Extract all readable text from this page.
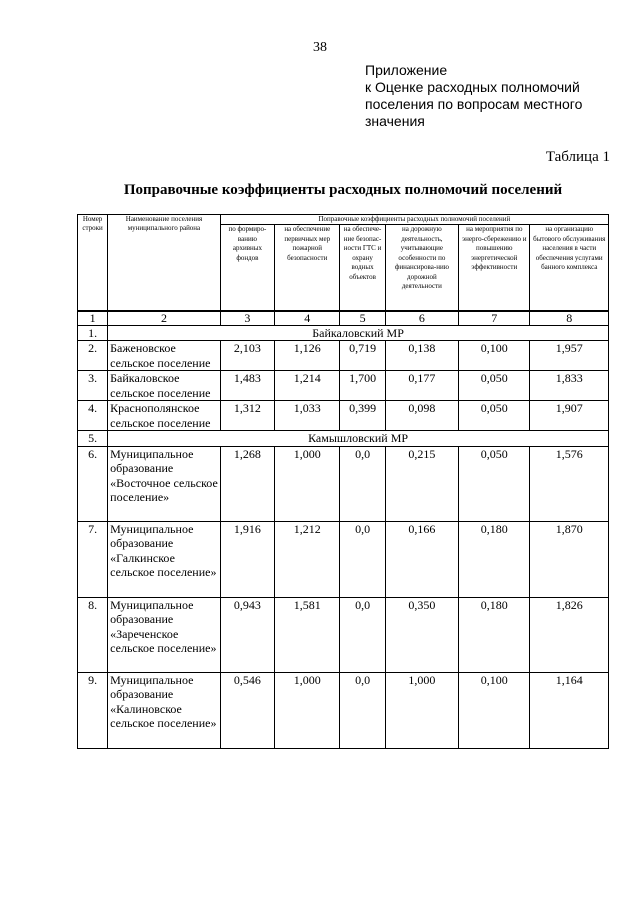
38
Приложение
к Оценке расходных полномочий
поселения по вопросам местного
значения
Таблица 1
Поправочные коэффициенты расходных полномочий поселений
Номер строки	Наименование поселения муниципального района	Поправочные коэффициенты расходных полномочий поселений					
		по формиро-ванию архивных фондов	на обеспечение первичных мер пожарной безопасности	на обеспече-ние безопас-ности ГТС и охрану водных объектов	на дорожную деятельность, учитывающие особенности по финансирова-нию дорожной деятельности	на мероприятия по энерго-сбережению и повышению энергетической эффективности	на организацию бытового обслуживания населения в части обеспечения услугами банного комплекса
1	2	3	4	5	6	7	8
1.	Байкаловский МР						
2.	Баженовское сельское поселение	2,103	1,126	0,719	0,138	0,100	1,957
3.	Байкаловское сельское поселение	1,483	1,214	1,700	0,177	0,050	1,833
4.	Краснополянское сельское поселение	1,312	1,033	0,399	0,098	0,050	1,907
5.	Камышловский МР						
6.	Муниципальное образование «Восточное сельское поселение»	1,268	1,000	0,0	0,215	0,050	1,576
7.	Муниципальное образование «Галкинское сельское поселение»	1,916	1,212	0,0	0,166	0,180	1,870
8.	Муниципальное образование «Зареченское сельское поселение»	0,943	1,581	0,0	0,350	0,180	1,826
9.	Муниципальное образование «Калиновское сельское поселение»	0,546	1,000	0,0	1,000	0,100	1,164
